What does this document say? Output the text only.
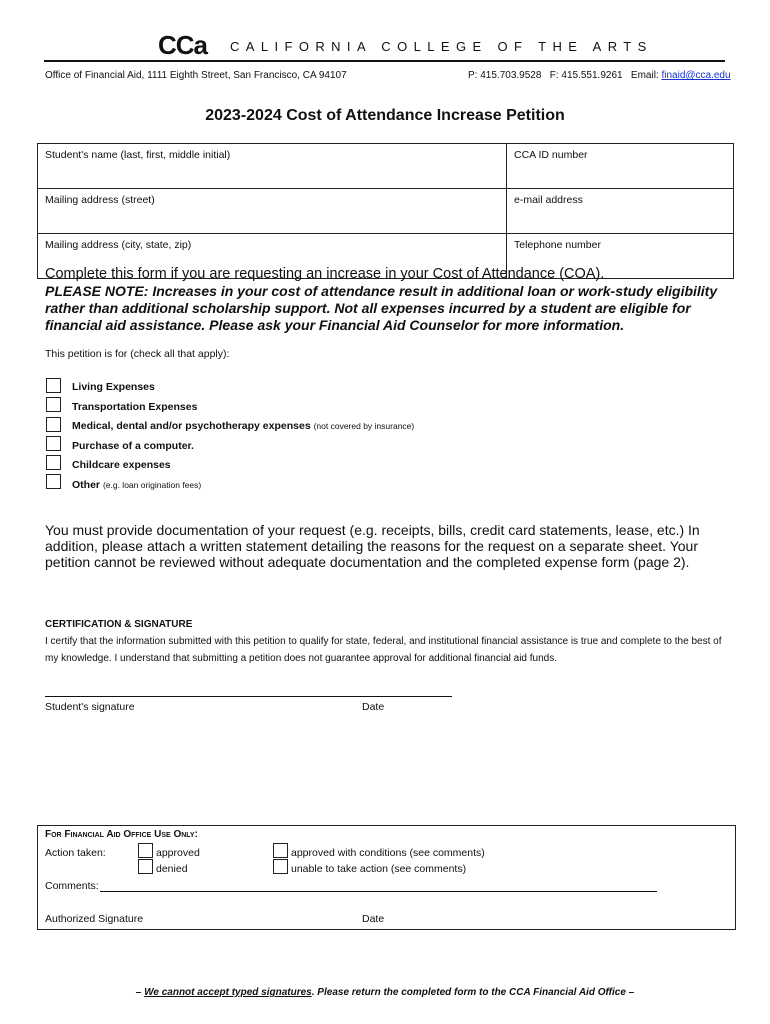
CCa CALIFORNIA COLLEGE OF THE ARTS
Office of Financial Aid, 1111 Eighth Street, San Francisco, CA 94107	P: 415.703.9528   F: 415.551.9261   Email: finaid@cca.edu
2023-2024 Cost of Attendance Increase Petition
Student's name (last, first, middle initial)	CCA ID number
Mailing address (street)	e-mail address
Mailing address (city, state, zip)	Telephone number
Complete this form if you are requesting an increase in your Cost of Attendance (COA).
PLEASE NOTE: Increases in your cost of attendance result in additional loan or work-study eligibility rather than additional scholarship support. Not all expenses incurred by a student are eligible for financial aid assistance. Please ask your Financial Aid Counselor for more information.
This petition is for (check all that apply):
Living Expenses
Transportation Expenses
Medical, dental and/or psychotherapy expenses (not covered by insurance)
Purchase of a computer.
Childcare expenses
Other (e.g. loan origination fees)
You must provide documentation of your request (e.g. receipts, bills, credit card statements, lease, etc.) In addition, please attach a written statement detailing the reasons for the request on a separate sheet. Your petition cannot be reviewed without adequate documentation and the completed expense form (page 2).
CERTIFICATION & SIGNATURE
I certify that the information submitted with this petition to qualify for state, federal, and institutional financial assistance is true and complete to the best of my knowledge. I understand that submitting a petition does not guarantee approval for additional financial aid funds.
Student's signature	Date
For Financial Aid Office Use Only:
Action taken:	approved
denied
approved with conditions (see comments)
unable to take action (see comments)
Comments:
Authorized Signature	Date
– We cannot accept typed signatures. Please return the completed form to the CCA Financial Aid Office –
